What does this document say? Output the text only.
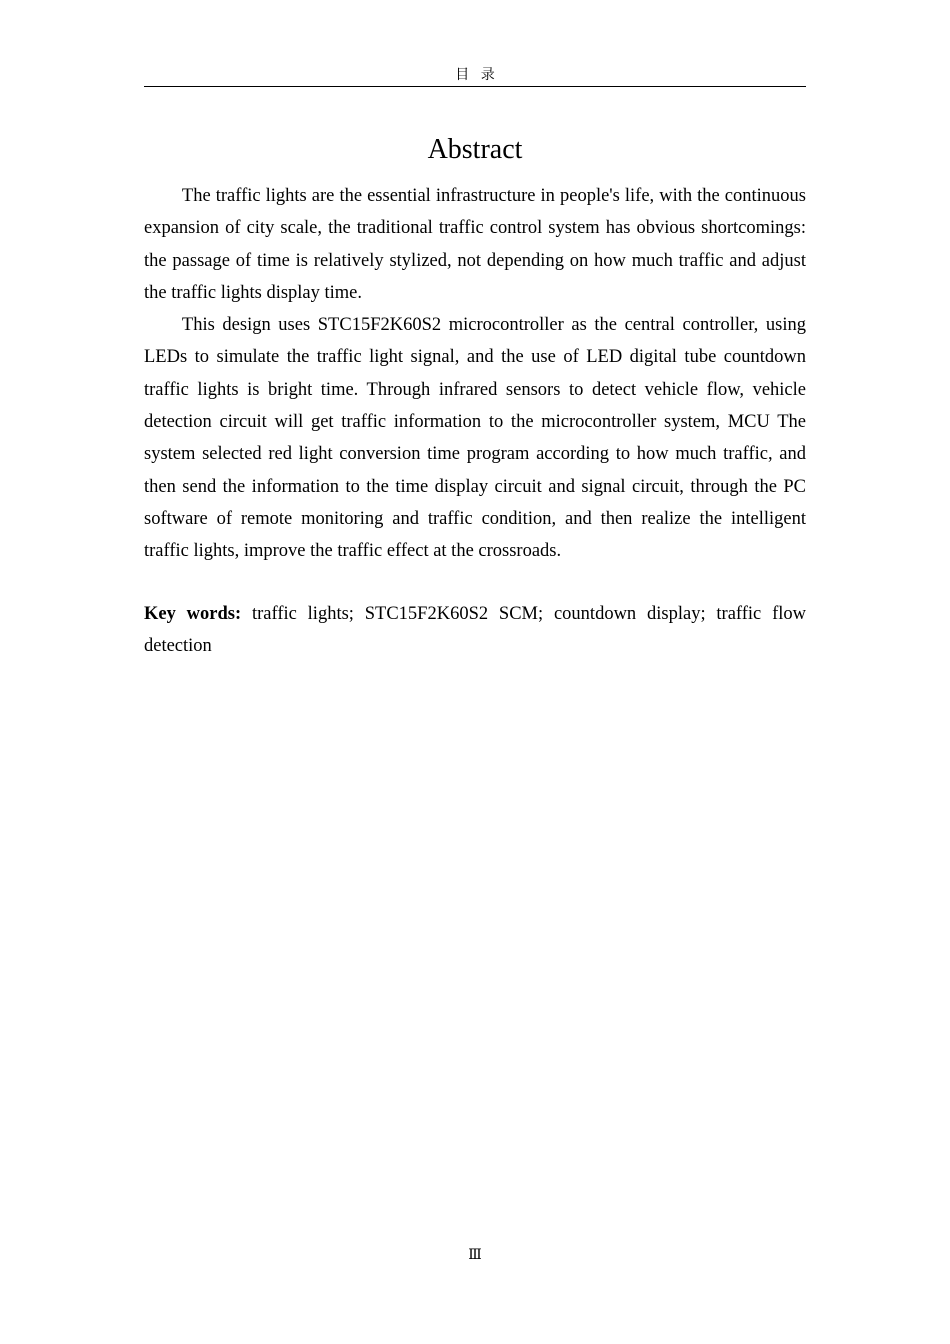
目 录
Abstract

The traffic lights are the essential infrastructure in people's life, with the continuous expansion of city scale, the traditional traffic control system has obvious shortcomings: the passage of time is relatively stylized, not depending on how much traffic and adjust the traffic lights display time.

This design uses STC15F2K60S2 microcontroller as the central controller, using LEDs to simulate the traffic light signal, and the use of LED digital tube countdown traffic lights is bright time. Through infrared sensors to detect vehicle flow, vehicle detection circuit will get traffic information to the microcontroller system, MCU The system selected red light conversion time program according to how much traffic, and then send the information to the time display circuit and signal circuit, through the PC software of remote monitoring and traffic condition, and then realize the intelligent traffic lights, improve the traffic effect at the crossroads.

Key words: traffic lights; STC15F2K60S2 SCM; countdown display; traffic flow detection

Ⅲ
